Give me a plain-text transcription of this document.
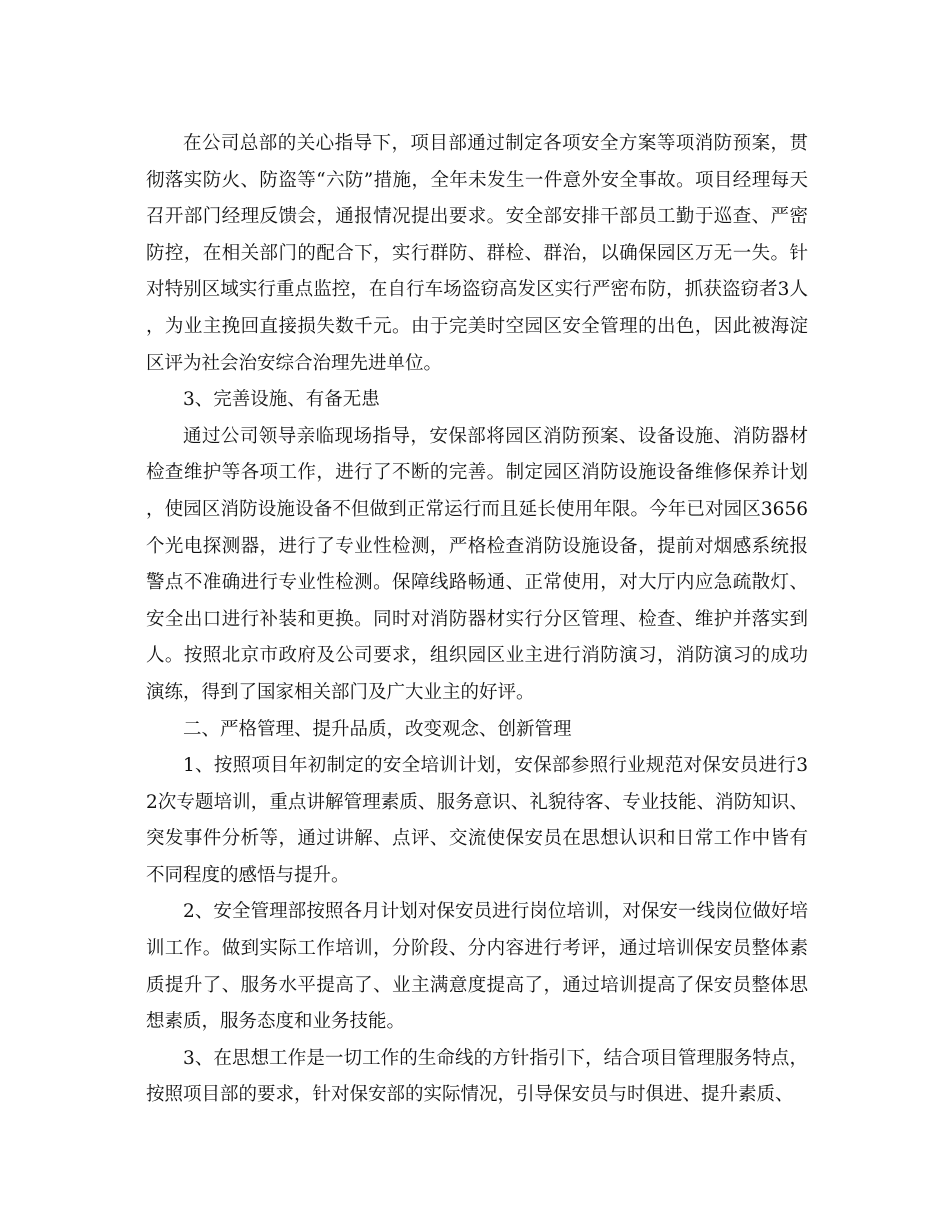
在公司总部的关心指导下，项目部通过制定各项安全方案等项消防预案，贯彻落实防火、防盗等“六防”措施，全年未发生一件意外安全事故。项目经理每天召开部门经理反馈会，通报情况提出要求。安全部安排干部员工勤于巡查、严密防控，在相关部门的配合下，实行群防、群检、群治，以确保园区万无一失。针对特别区域实行重点监控，在自行车场盗窃高发区实行严密布防，抓获盗窃者3人，为业主挽回直接损失数千元。由于完美时空园区安全管理的出色，因此被海淀区评为社会治安综合治理先进单位。

3、完善设施、有备无患

通过公司领导亲临现场指导，安保部将园区消防预案、设备设施、消防器材检查维护等各项工作，进行了不断的完善。制定园区消防设施设备维修保养计划，使园区消防设施设备不但做到正常运行而且延长使用年限。今年已对园区3656个光电探测器，进行了专业性检测，严格检查消防设施设备，提前对烟感系统报警点不准确进行专业性检测。保障线路畅通、正常使用，对大厅内应急疏散灯、安全出口进行补装和更换。同时对消防器材实行分区管理、检查、维护并落实到人。按照北京市政府及公司要求，组织园区业主进行消防演习，消防演习的成功演练，得到了国家相关部门及广大业主的好评。

二、严格管理、提升品质，改变观念、创新管理

1、按照项目年初制定的安全培训计划，安保部参照行业规范对保安员进行32次专题培训，重点讲解管理素质、服务意识、礼貌待客、专业技能、消防知识、突发事件分析等，通过讲解、点评、交流使保安员在思想认识和日常工作中皆有不同程度的感悟与提升。

2、安全管理部按照各月计划对保安员进行岗位培训，对保安一线岗位做好培训工作。做到实际工作培训，分阶段、分内容进行考评，通过培训保安员整体素质提升了、服务水平提高了、业主满意度提高了，通过培训提高了保安员整体思想素质，服务态度和业务技能。

3、在思想工作是一切工作的生命线的方针指引下，结合项目管理服务特点，按照项目部的要求，针对保安部的实际情况，引导保安员与时俱进、提升素质、
